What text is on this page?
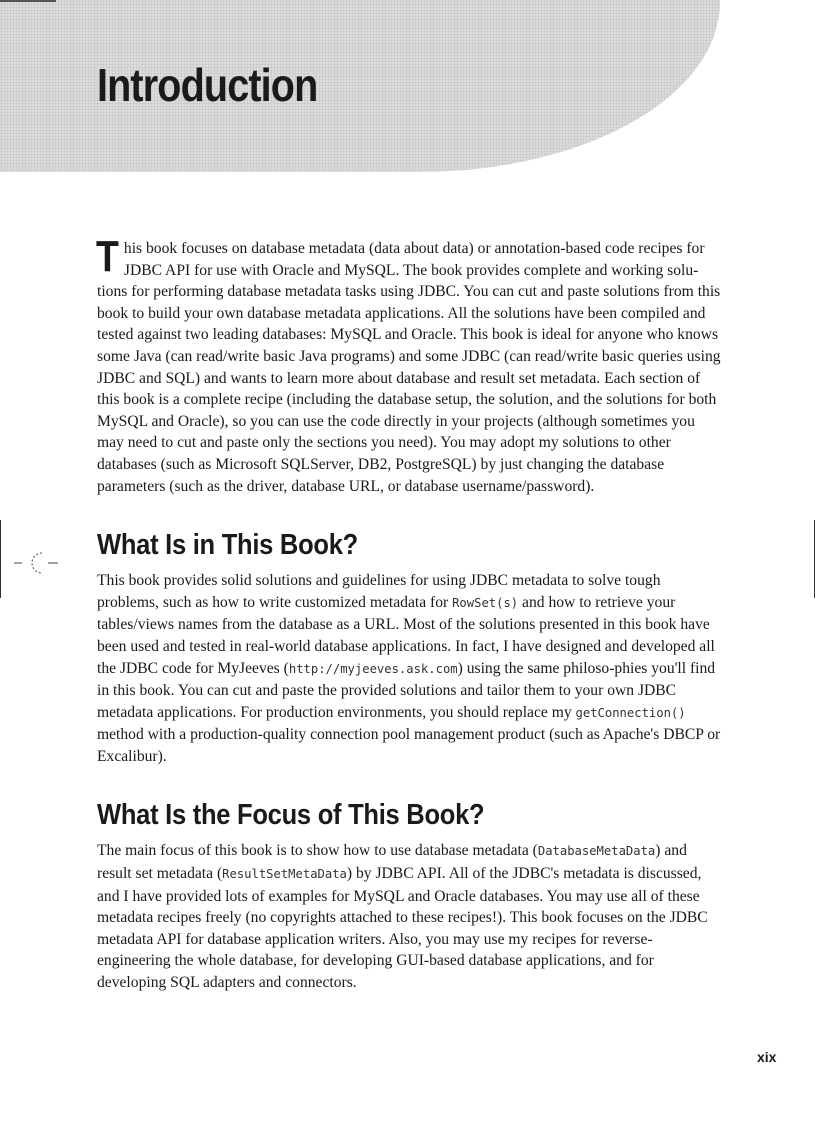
Introduction

This book focuses on database metadata (data about data) or annotation-based code recipes for JDBC API for use with Oracle and MySQL. The book provides complete and working solu-tions for performing database metadata tasks using JDBC. You can cut and paste solutions from this book to build your own database metadata applications. All the solutions have been compiled and tested against two leading databases: MySQL and Oracle. This book is ideal for anyone who knows some Java (can read/write basic Java programs) and some JDBC (can read/write basic queries using JDBC and SQL) and wants to learn more about database and result set metadata. Each section of this book is a complete recipe (including the database setup, the solution, and the solutions for both MySQL and Oracle), so you can use the code directly in your projects (although sometimes you may need to cut and paste only the sections you need). You may adopt my solutions to other databases (such as Microsoft SQLServer, DB2, PostgreSQL) by just changing the database parameters (such as the driver, database URL, or database username/password).

What Is in This Book?

This book provides solid solutions and guidelines for using JDBC metadata to solve tough problems, such as how to write customized metadata for RowSet(s) and how to retrieve your tables/views names from the database as a URL. Most of the solutions presented in this book have been used and tested in real-world database applications. In fact, I have designed and developed all the JDBC code for MyJeeves (http://myjeeves.ask.com) using the same philoso-phies you'll find in this book. You can cut and paste the provided solutions and tailor them to your own JDBC metadata applications. For production environments, you should replace my getConnection() method with a production-quality connection pool management product (such as Apache's DBCP or Excalibur).

What Is the Focus of This Book?

The main focus of this book is to show how to use database metadata (DatabaseMetaData) and result set metadata (ResultSetMetaData) by JDBC API. All of the JDBC's metadata is discussed, and I have provided lots of examples for MySQL and Oracle databases. You may use all of these metadata recipes freely (no copyrights attached to these recipes!). This book focuses on the JDBC metadata API for database application writers. Also, you may use my recipes for reverse-engineering the whole database, for developing GUI-based database applications, and for developing SQL adapters and connectors.

xix
